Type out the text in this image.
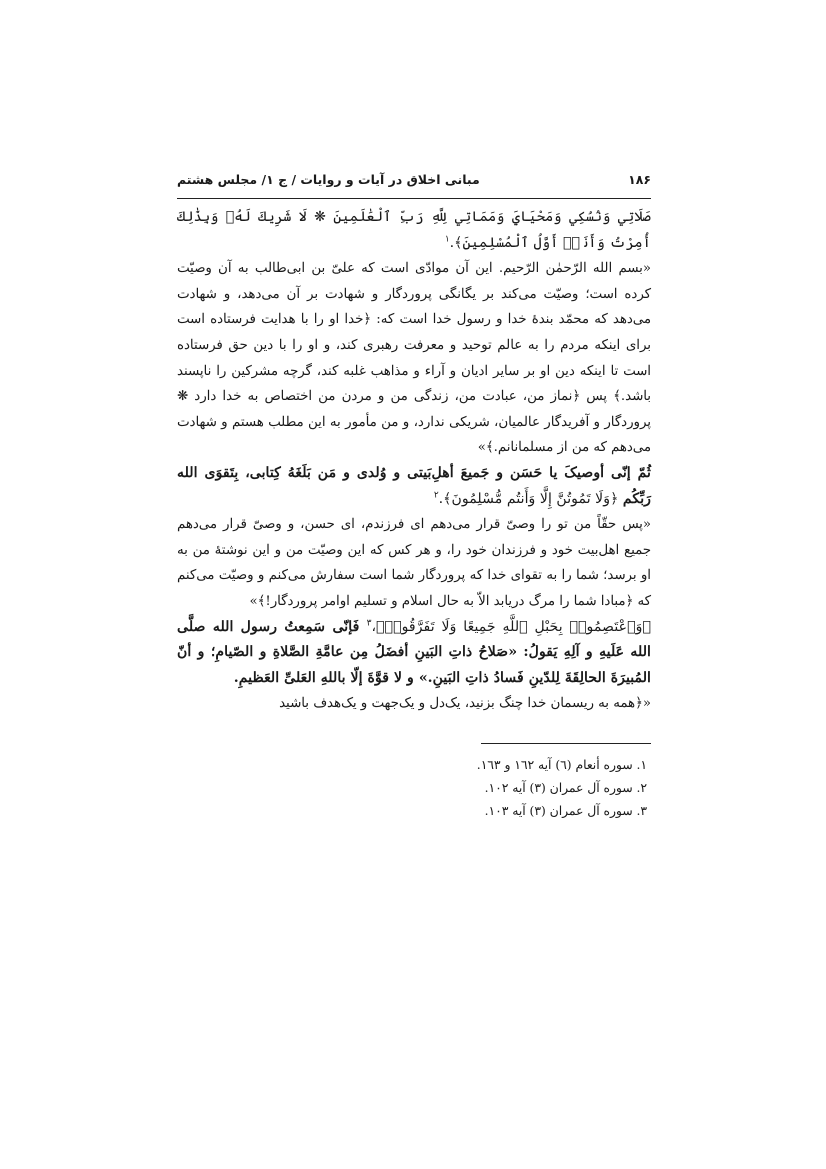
۱۸۶
مبانی اخلاق در آیات و روایات / ج ۱/ مجلس هشتم

صَلَاتِي وَنُسُكِي وَمَحْيَايَ وَمَمَاتِي لِلَّهِ رَبِّ ٱلْعَٰلَمِينَ ❋ لَا شَرِيكَ لَهُۥ وَبِذَٰلِكَ أُمِرْتُ وَأَنَا۠ أَوَّلُ ٱلْمُسْلِمِينَ﴾.$^۱$

«بسم الله الرّحمٰن الرّحيم. این آن موادّی است که علیّ بن ابی‌طالب به آن وصیّت کرده است؛ وصیّت می‌کند بر یگانگی پروردگار و شهادت بر آن می‌دهد، و شهادت می‌دهد که محمّد بندهٔ خدا و رسول خدا است که: ﴿خدا او را با هدایت فرستاده است برای اینکه مردم را به عالم توحید و معرفت رهبری کند، و او را با دین حق فرستاده است تا اینکه دین او بر سایر ادیان و آراء و مذاهب غلبه کند، گرچه مشرکین را ناپسند باشد.﴾ پس ﴿نماز من، عبادت من، زندگی من و مردن من اختصاص به خدا دارد ❋ پروردگار و آفریدگار عالمیان، شریکی ندارد، و من مأمور به این مطلب هستم و شهادت می‌دهم که من از مسلمانانم.﴾»

ثُمّ إنّی أوصیکَ یا حَسَن و جَمیعَ أهلِ‌بَیتی و وُلدی و مَن بَلَغَهُ کِتابی، بِتَقوَی الله رَبِّکُم ﴿وَلَا تَمُوتُنَّ إِلَّا وَأَنتُم مُّسْلِمُونَ﴾.$^۲$

«پس حقّاً من تو را وصیّ قرار می‌دهم ای فرزندم، ای حسن، و وصیّ قرار می‌دهم جمیع اهل‌بیت خود و فرزندان خود را، و هر کس که این وصیّت من و این نوشتهٔ من به او برسد؛ شما را به تقوای خدا که پروردگار شما است سفارش می‌کنم و وصیّت می‌کنم که ﴿مبادا شما را مرگ دریابد الاّ به حال اسلام و تسلیم اوامر پروردگار!﴾»

﴿وَٱعْتَصِمُوا۟ بِحَبْلِ ٱللَّهِ جَمِيعًا وَلَا تَفَرَّقُوا۟﴾،$^۳$ فَإنّی سَمِعتُ رسول الله صلَّی الله عَلَیهِ و آلِهِ یَقولُ: «صَلاحُ ذاتِ البَینِ أفضَلُ مِن عامَّةِ الصَّلاةِ و الصّیامِ؛ و أنّ المُبیرَةَ الحالِقَةَ لِلدّینِ فَسادُ ذاتِ البَینِ.» و لا قوَّةَ إلّا باللهِ العَلیِّ العَظیمِ.

«﴿همه به ریسمان خدا چنگ بزنید، یک‌دل و یک‌جهت و یک‌هدف باشید

۱. سوره أنعام (٦) آیه ١٦٢ و ١٦٣.

۲. سوره آل عمران (٣) آیه ١٠٢.

۳. سوره آل عمران (٣) آیه ١٠٣.
